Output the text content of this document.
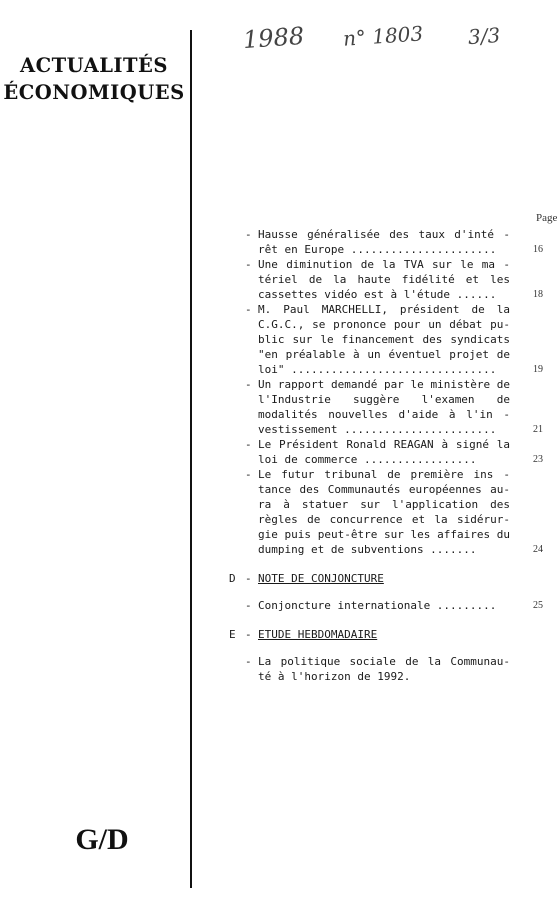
ACTUALITÉS
ÉCONOMIQUES
1988 n° 1803 3/3
Page
- Hausse généralisée des taux d'inté - rêt en Europe ......................	16
- Une diminution de la TVA sur le ma - tériel de la haute fidélité et les cassettes vidéo est à l'étude ......	18
- M. Paul MARCHELLI, président de la C.G.C., se prononce pour un débat pu- blic sur le financement des syndicats "en préalable à un éventuel projet de loi" ...............................	19
- Un rapport demandé par le ministère de l'Industrie suggère l'examen de modalités nouvelles d'aide à l'in - vestissement .......................	21
- Le Président Ronald REAGAN à signé la loi de commerce .................	23
- Le futur tribunal de première ins - tance des Communautés européennes au- ra à statuer sur l'application des règles de concurrence et la sidérur- gie puis peut-être sur les affaires du dumping et de subventions .......	24
D - NOTE DE CONJONCTURE
- Conjoncture internationale .........	25
E - ETUDE HEBDOMADAIRE
- La politique sociale de la Communau- té à l'horizon de 1992.
G/D
